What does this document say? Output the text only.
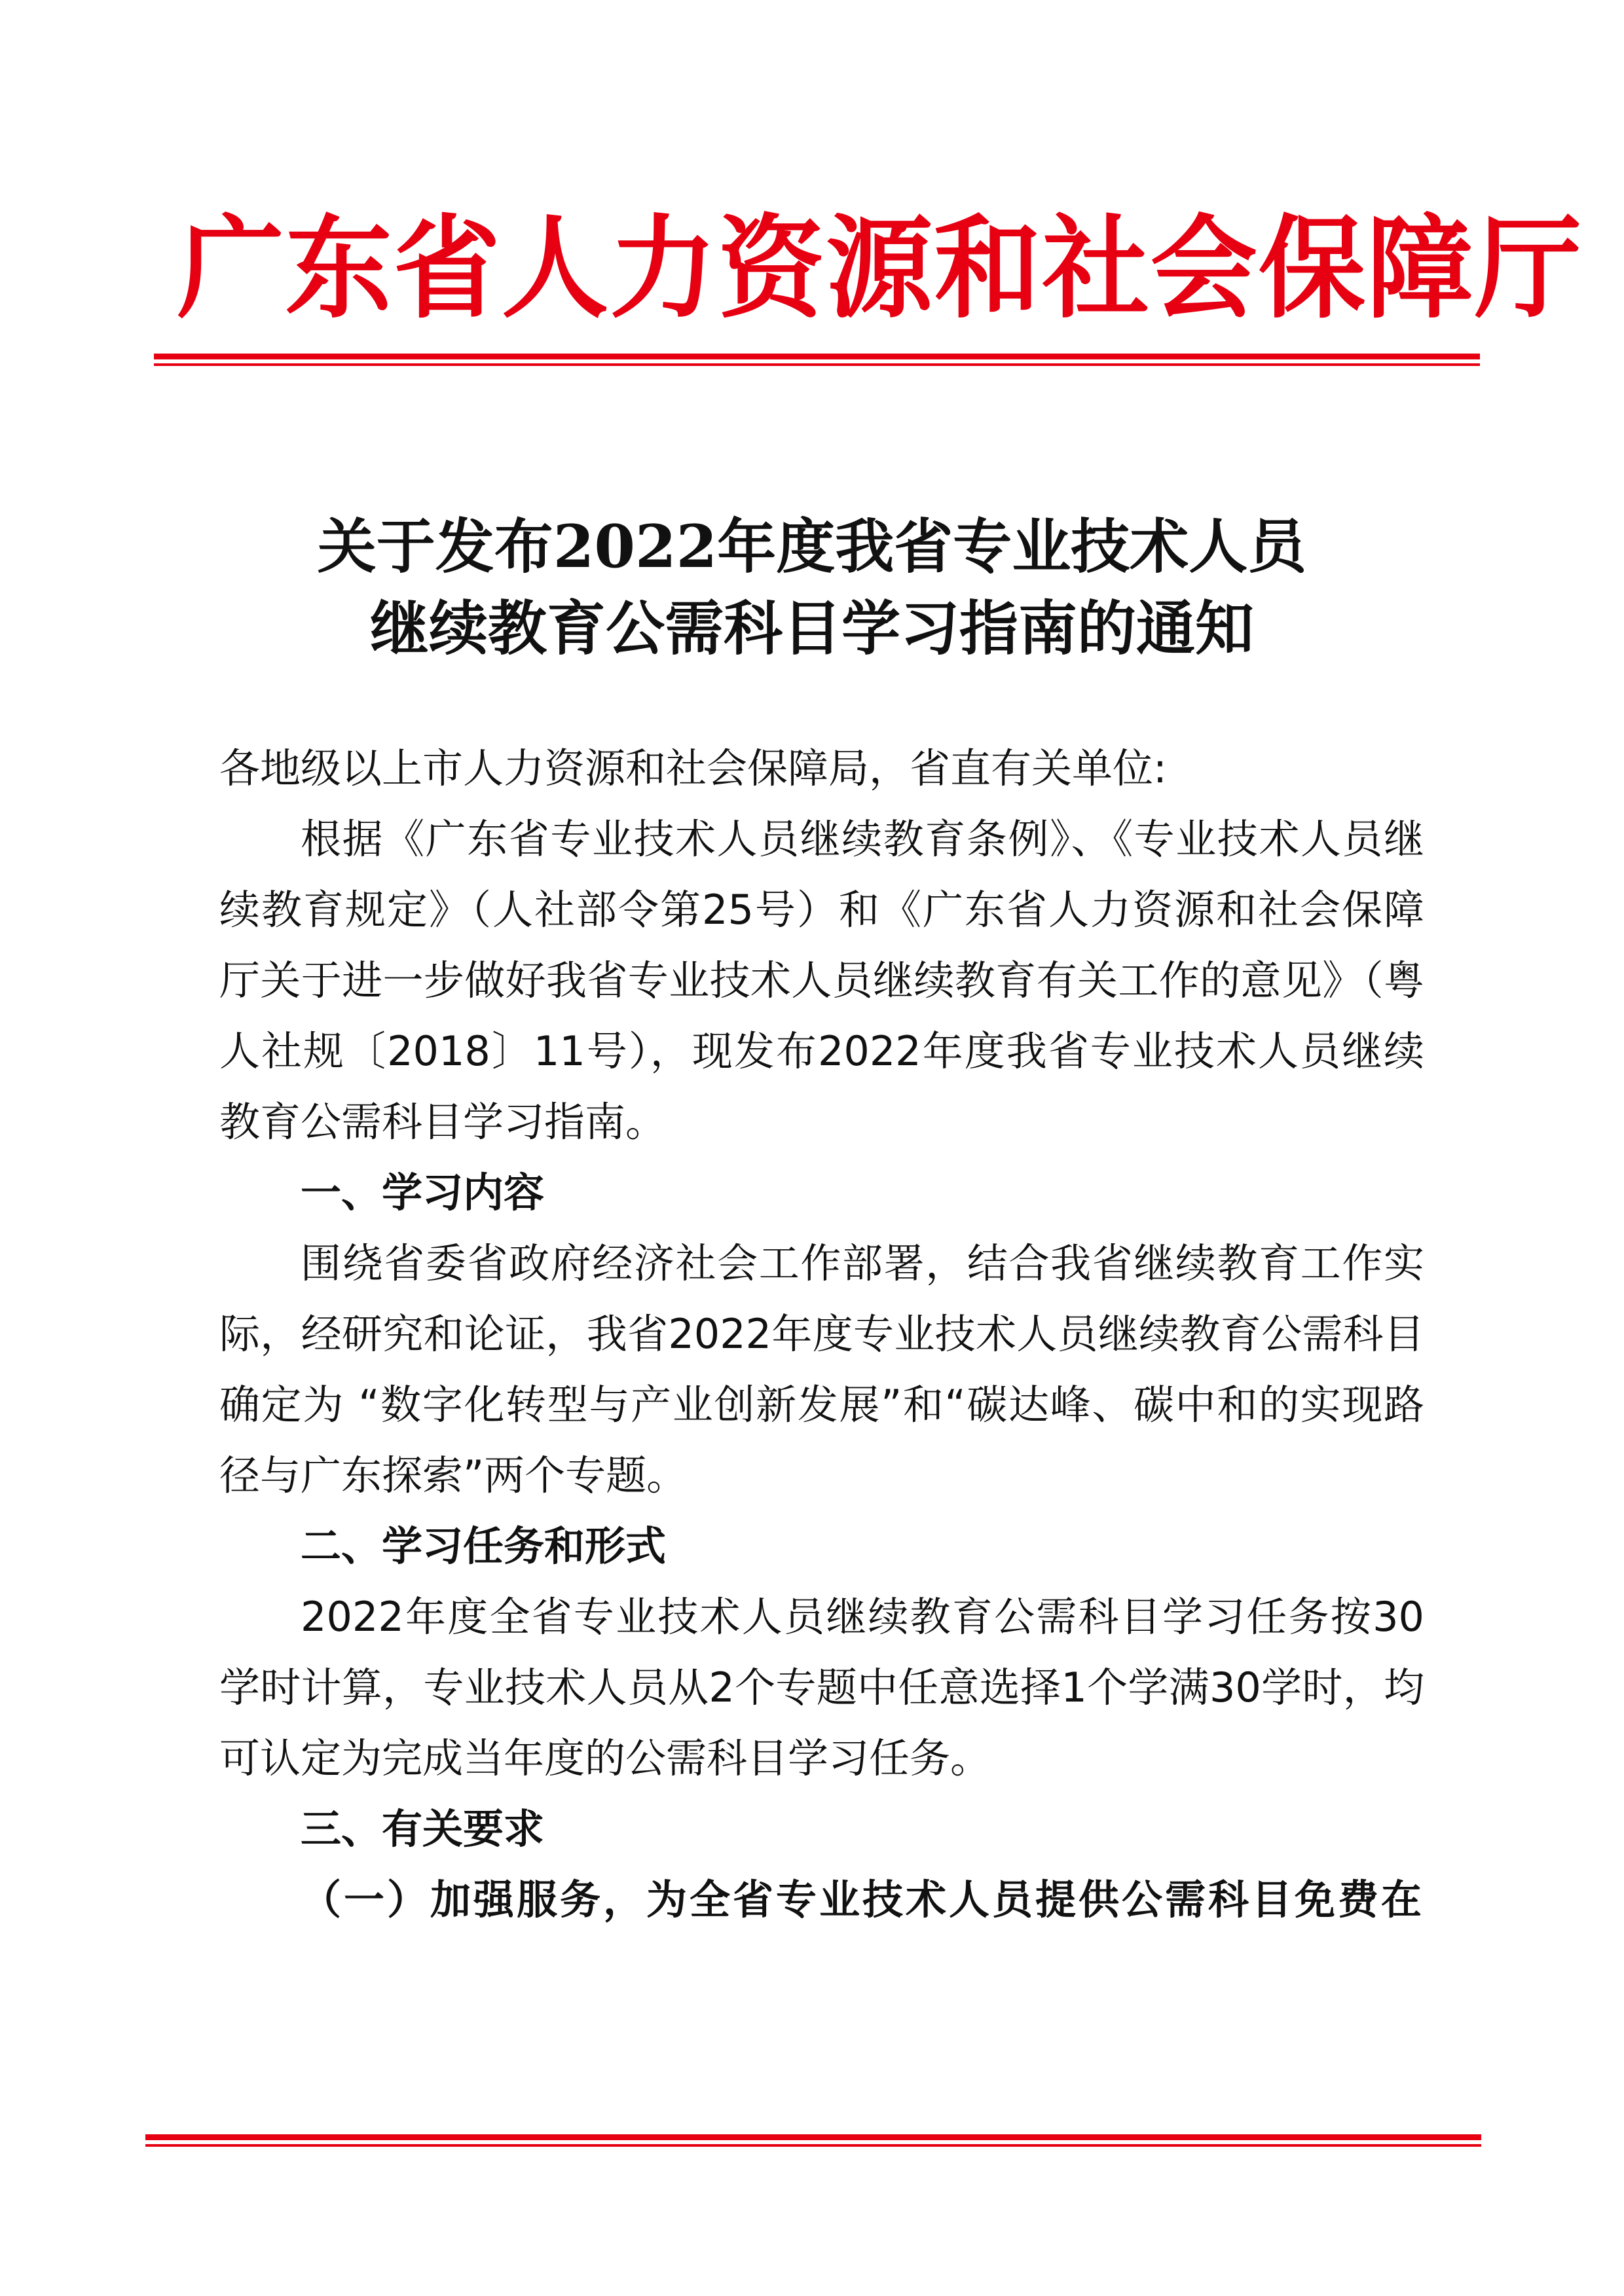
广东省人力资源和社会保障厅
关于发布2022年度我省专业技术人员
继续教育公需科目学习指南的通知

各地级以上市人力资源和社会保障局，省直有关单位:

根据《广东省专业技术人员继续教育条例》、《专业技术人员继续教育规定》（人社部令第25号）和《广东省人力资源和社会保障厅关于进一步做好我省专业技术人员继续教育有关工作的意见》（粤人社规〔2018〕11号），现发布2022年度我省专业技术人员继续教育公需科目学习指南。

一、学习内容

围绕省委省政府经济社会工作部署，结合我省继续教育工作实际，经研究和论证，我省2022年度专业技术人员继续教育公需科目确定为 “数字化转型与产业创新发展”和“碳达峰、碳中和的实现路径与广东探索”两个专题。

二、学习任务和形式

2022年度全省专业技术人员继续教育公需科目学习任务按30学时计算，专业技术人员从2个专题中任意选择1个学满30学时，均可认定为完成当年度的公需科目学习任务。

三、有关要求

（一）加强服务，为全省专业技术人员提供公需科目免费在
